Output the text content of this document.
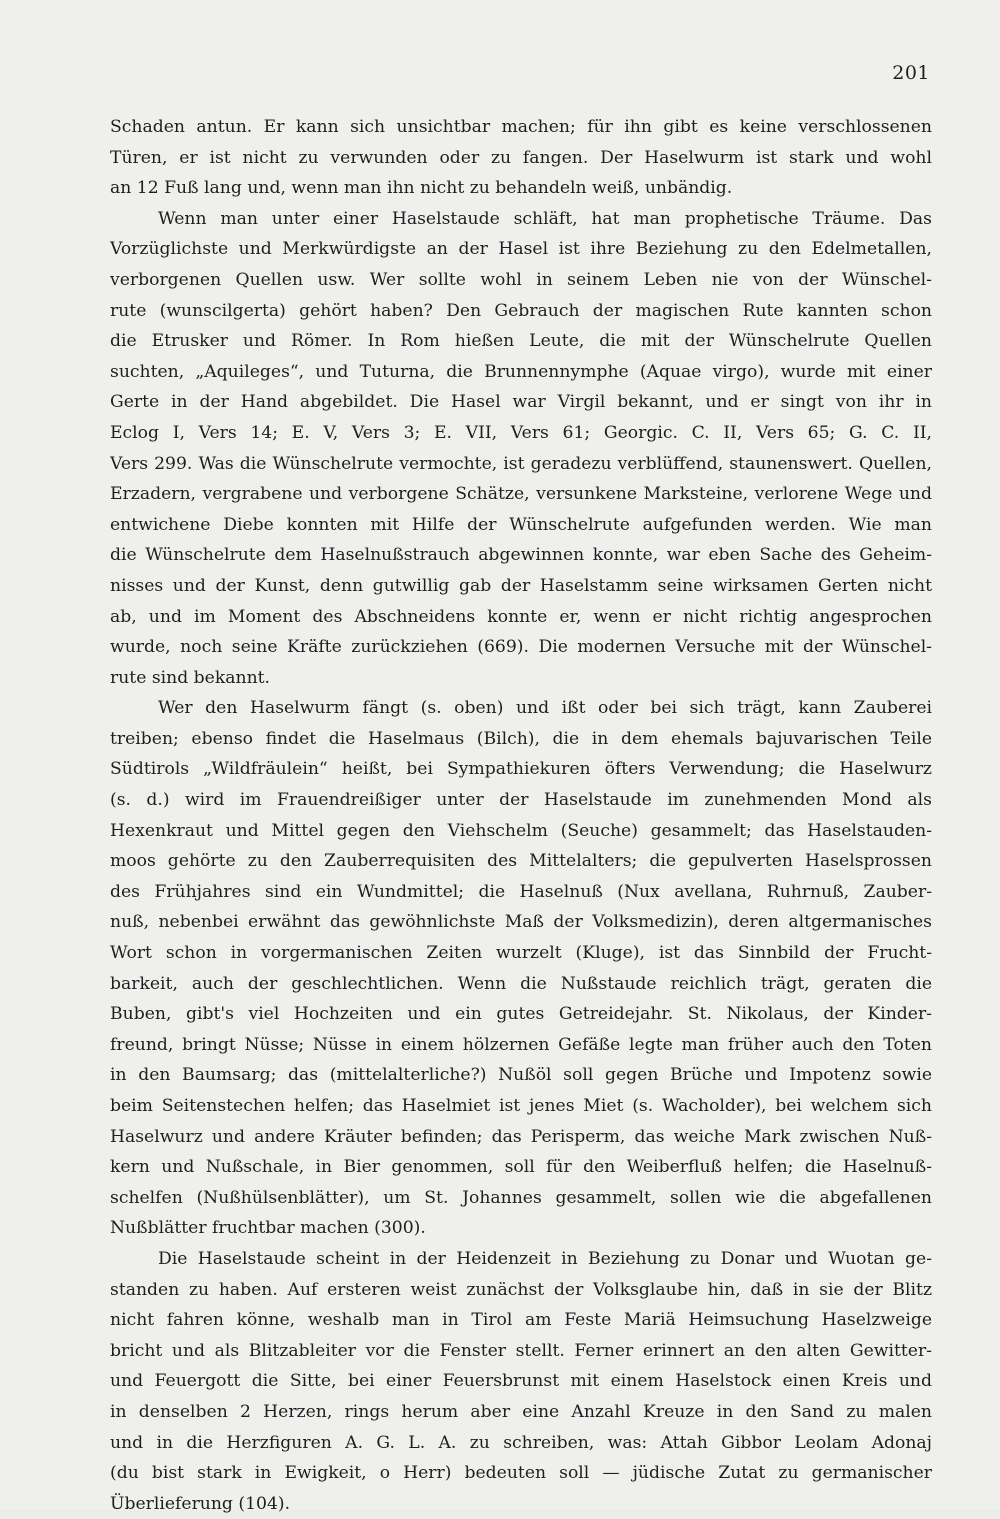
201
Schaden antun. Er kann sich unsichtbar machen; für ihn gibt es keine verschlossenen
Türen, er ist nicht zu verwunden oder zu fangen. Der Haselwurm ist stark und wohl
an 12 Fuß lang und, wenn man ihn nicht zu behandeln weiß, unbändig.
Wenn man unter einer Haselstaude schläft, hat man prophetische Träume. Das
Vorzüglichste und Merkwürdigste an der Hasel ist ihre Beziehung zu den Edelmetallen,
verborgenen Quellen usw. Wer sollte wohl in seinem Leben nie von der Wünschel-
rute (wunscilgerta) gehört haben? Den Gebrauch der magischen Rute kannten schon
die Etrusker und Römer. In Rom hießen Leute, die mit der Wünschelrute Quellen
suchten, „Aquileges“, und Tuturna, die Brunnennymphe (Aquae virgo), wurde mit einer
Gerte in der Hand abgebildet. Die Hasel war Virgil bekannt, und er singt von ihr in
Eclog I, Vers 14; E. V, Vers 3; E. VII, Vers 61; Georgic. C. II, Vers 65; G. C. II,
Vers 299. Was die Wünschelrute vermochte, ist geradezu verblüffend, staunenswert. Quellen,
Erzadern, vergrabene und verborgene Schätze, versunkene Marksteine, verlorene Wege und
entwichene Diebe konnten mit Hilfe der Wünschelrute aufgefunden werden. Wie man
die Wünschelrute dem Haselnußstrauch abgewinnen konnte, war eben Sache des Geheim-
nisses und der Kunst, denn gutwillig gab der Haselstamm seine wirksamen Gerten nicht
ab, und im Moment des Abschneidens konnte er, wenn er nicht richtig angesprochen
wurde, noch seine Kräfte zurückziehen (669). Die modernen Versuche mit der Wünschel-
rute sind bekannt.
Wer den Haselwurm fängt (s. oben) und ißt oder bei sich trägt, kann Zauberei
treiben; ebenso findet die Haselmaus (Bilch), die in dem ehemals bajuvarischen Teile
Südtirols „Wildfräulein“ heißt, bei Sympathiekuren öfters Verwendung; die Haselwurz
(s. d.) wird im Frauendreißiger unter der Haselstaude im zunehmenden Mond als
Hexenkraut und Mittel gegen den Viehschelm (Seuche) gesammelt; das Haselstauden-
moos gehörte zu den Zauberrequisiten des Mittelalters; die gepulverten Haselsprossen
des Frühjahres sind ein Wundmittel; die Haselnuß (Nux avellana, Ruhrnuß, Zauber-
nuß, nebenbei erwähnt das gewöhnlichste Maß der Volksmedizin), deren altgermanisches
Wort schon in vorgermanischen Zeiten wurzelt (Kluge), ist das Sinnbild der Frucht-
barkeit, auch der geschlechtlichen. Wenn die Nußstaude reichlich trägt, geraten die
Buben, gibt's viel Hochzeiten und ein gutes Getreidejahr. St. Nikolaus, der Kinder-
freund, bringt Nüsse; Nüsse in einem hölzernen Gefäße legte man früher auch den Toten
in den Baumsarg; das (mittelalterliche?) Nußöl soll gegen Brüche und Impotenz sowie
beim Seitenstechen helfen; das Haselmiet ist jenes Miet (s. Wacholder), bei welchem sich
Haselwurz und andere Kräuter befinden; das Perisperm, das weiche Mark zwischen Nuß-
kern und Nußschale, in Bier genommen, soll für den Weiberfluß helfen; die Haselnuß-
schelfen (Nußhülsenblätter), um St. Johannes gesammelt, sollen wie die abgefallenen
Nußblätter fruchtbar machen (300).
Die Haselstaude scheint in der Heidenzeit in Beziehung zu Donar und Wuotan ge-
standen zu haben. Auf ersteren weist zunächst der Volksglaube hin, daß in sie der Blitz
nicht fahren könne, weshalb man in Tirol am Feste Mariä Heimsuchung Haselzweige
bricht und als Blitzableiter vor die Fenster stellt. Ferner erinnert an den alten Gewitter-
und Feuergott die Sitte, bei einer Feuersbrunst mit einem Haselstock einen Kreis und
in denselben 2 Herzen, rings herum aber eine Anzahl Kreuze in den Sand zu malen
und in die Herzfiguren A. G. L. A. zu schreiben, was: Attah Gibbor Leolam Adonaj
(du bist stark in Ewigkeit, o Herr) bedeuten soll — jüdische Zutat zu germanischer
Überlieferung (104).
